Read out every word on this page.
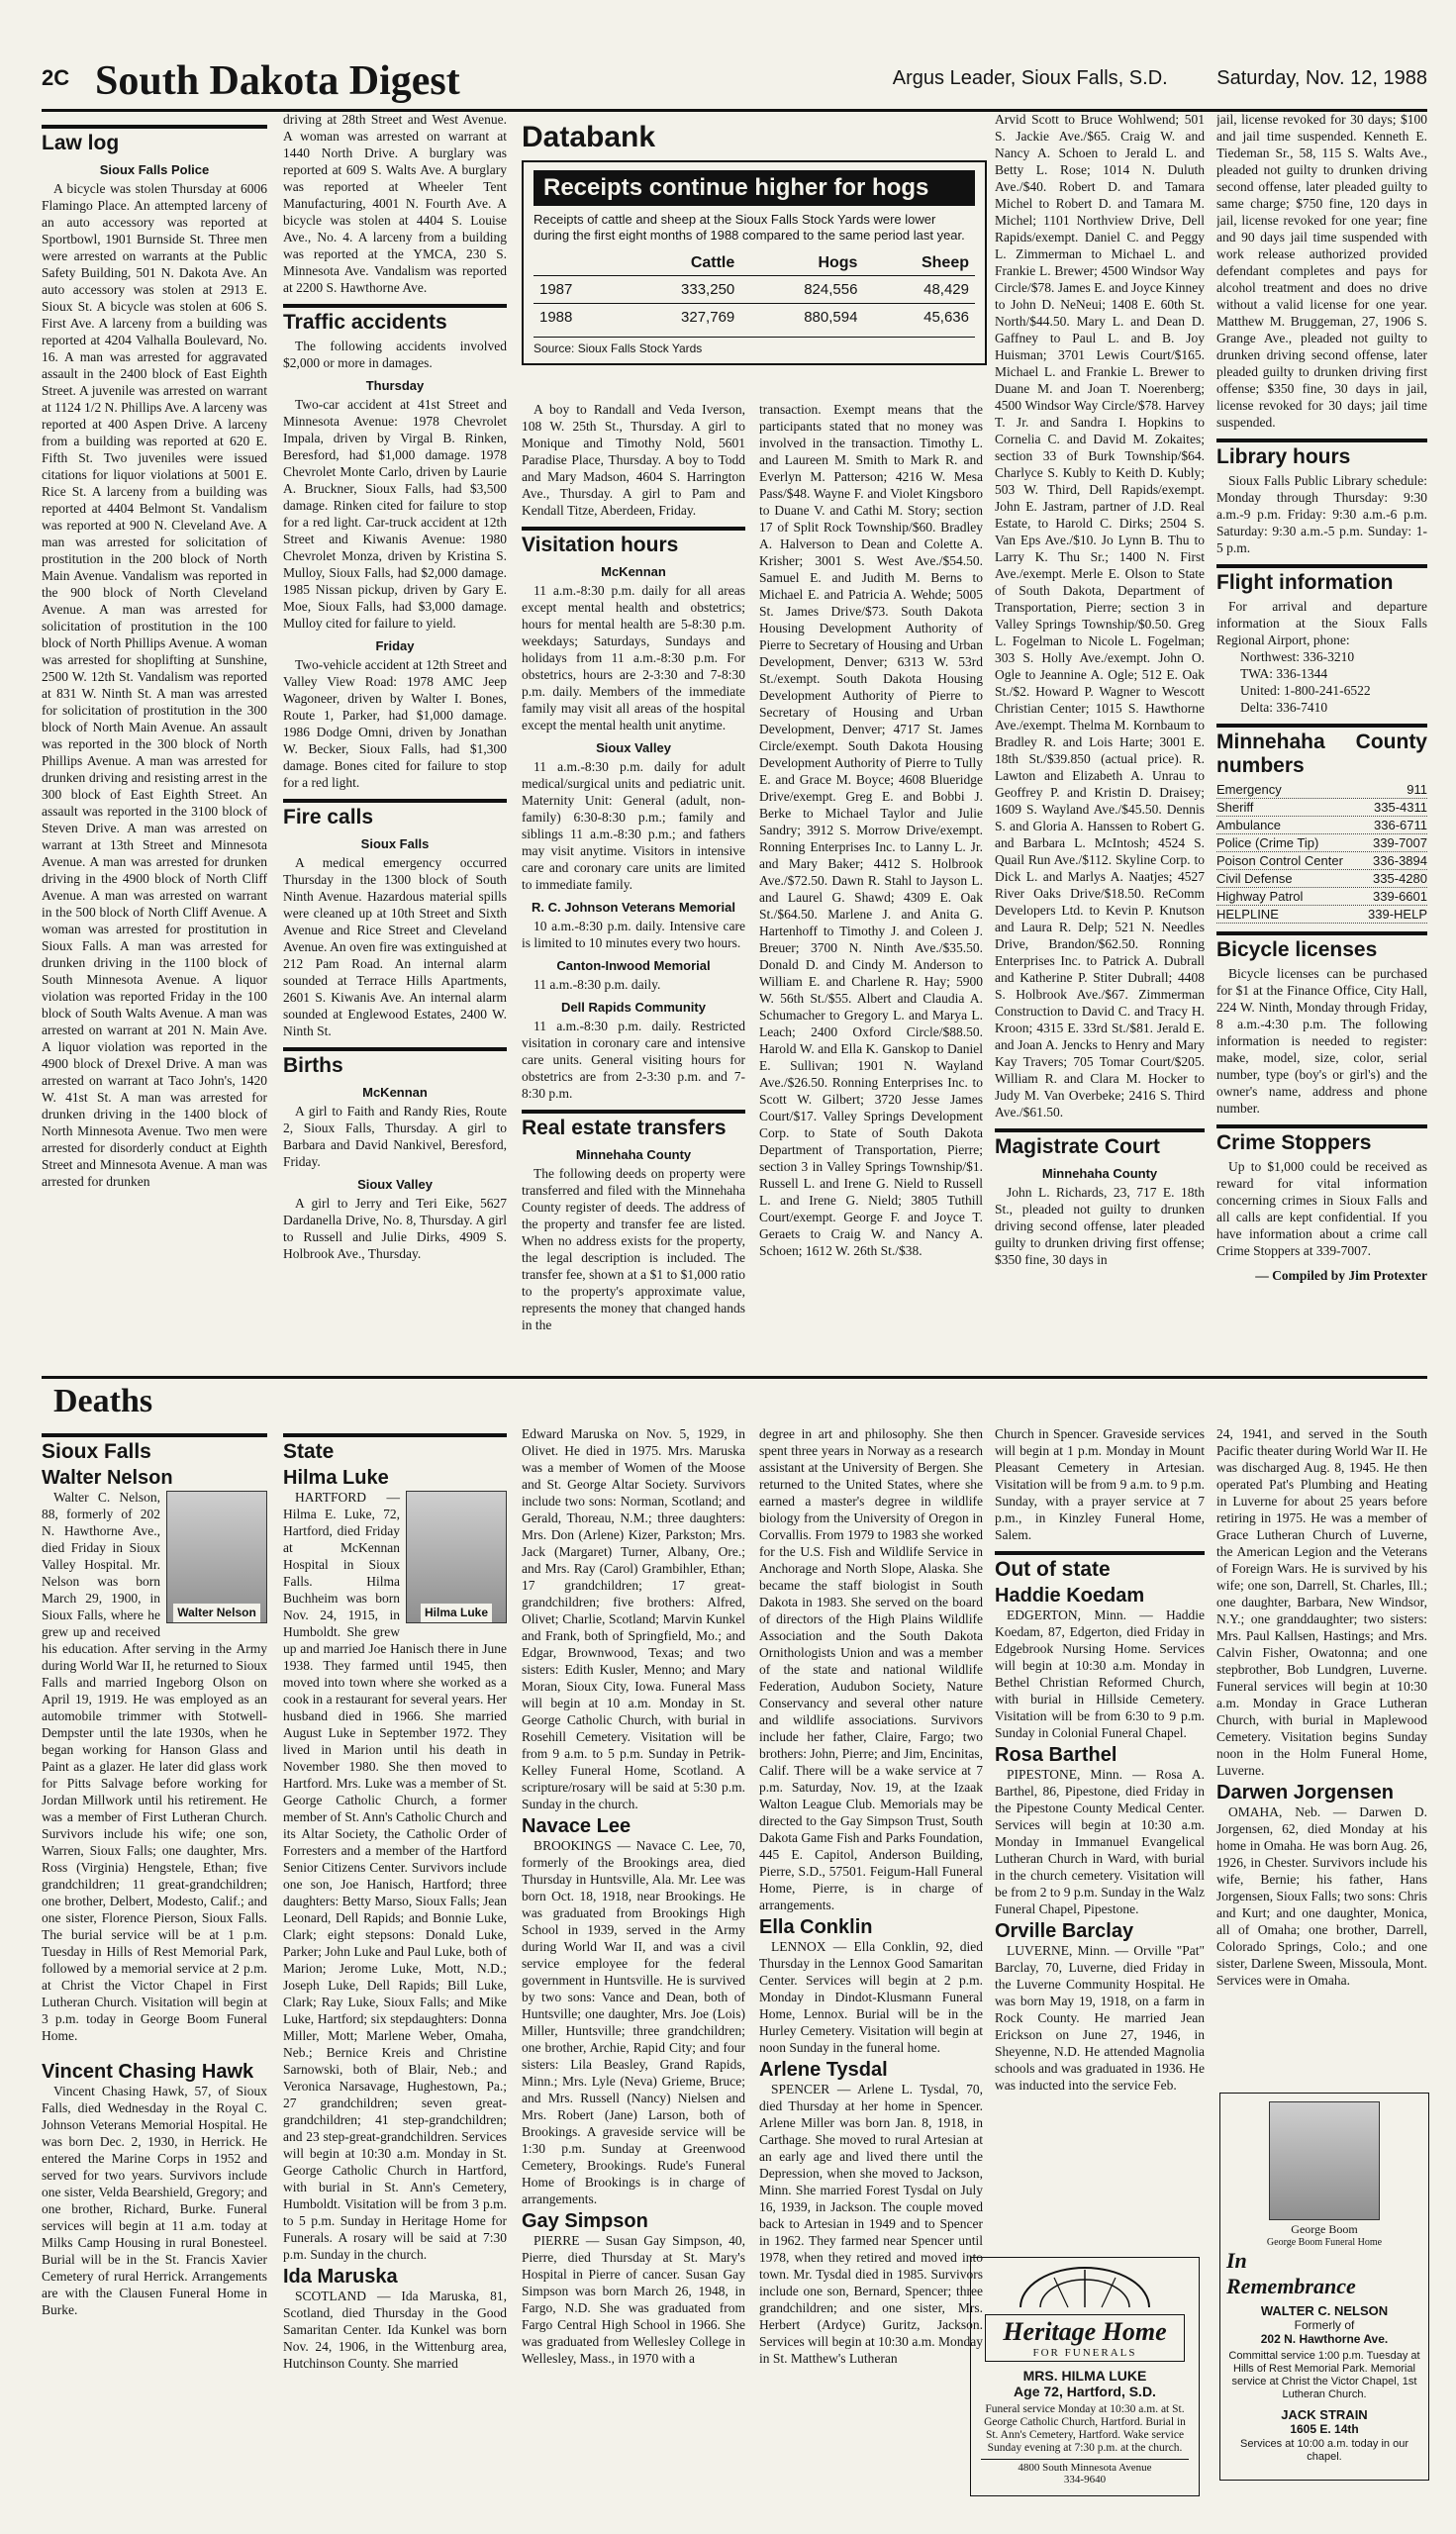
2C South Dakota Digest	Argus Leader, Sioux Falls, S.D. Saturday, Nov. 12, 1988
Law log
Sioux Falls Police

A bicycle was stolen Thursday at 6006 Flamingo Place. An attempted larceny of an auto accessory was reported at Sportbowl, 1901 Burnside St. Three men were arrested on warrants at the Public Safety Building, 501 N. Dakota Ave. An auto accessory was stolen at 2913 E. Sioux St. A bicycle was stolen at 606 S. First Ave. A larceny from a building was reported at 4204 Valhalla Boulevard, No. 16. A man was arrested for aggravated assault in the 2400 block of East Eighth Street. A juvenile was arrested on warrant at 1124 1/2 N. Phillips Ave. A larceny was reported at 400 Aspen Drive. A larceny from a building was reported at 620 E. Fifth St. Two juveniles were issued citations for liquor violations at 5001 E. Rice St. A larceny from a building was reported at 4404 Belmont St. Vandalism was reported at 900 N. Cleveland Ave. A man was arrested for solicitation of prostitution in the 200 block of North Main Avenue. Vandalism was reported in the 900 block of North Cleveland Avenue. A man was arrested for solicitation of prostitution in the 100 block of North Phillips Avenue. A woman was arrested for shoplifting at Sunshine, 2500 W. 12th St. Vandalism was reported at 831 W. Ninth St. A man was arrested for solicitation of prostitution in the 300 block of North Main Avenue. An assault was reported in the 300 block of North Phillips Avenue. A man was arrested for drunken driving and resisting arrest in the 300 block of East Eighth Street. An assault was reported in the 3100 block of Steven Drive. A man was arrested on warrant at 13th Street and Minnesota Avenue. A man was arrested for drunken driving in the 4900 block of North Cliff Avenue. A man was arrested on warrant in the 500 block of North Cliff Avenue. A woman was arrested for prostitution in Sioux Falls. A man was arrested for drunken driving in the 1100 block of South Minnesota Avenue. A liquor violation was reported Friday in the 100 block of South Walts Avenue. A man was arrested on warrant at 201 N. Main Ave. A liquor violation was reported in the 4900 block of Drexel Drive. A man was arrested on warrant at Taco John's, 1420 W. 41st St. A man was arrested for drunken driving in the 1400 block of North Minnesota Avenue. Two men were arrested for disorderly conduct at Eighth Street and Minnesota Avenue. A man was arrested for drunken

driving at 28th Street and West Avenue. A woman was arrested on warrant at 1440 North Drive. A burglary was reported at 609 S. Walts Ave. A burglary was reported at Wheeler Tent Manufacturing, 4001 N. Fourth Ave. A bicycle was stolen at 4404 S. Louise Ave., No. 4. A larceny from a building was reported at the YMCA, 230 S. Minnesota Ave. Vandalism was reported at 2200 S. Hawthorne Ave.

Traffic accidents

The following accidents involved $2,000 or more in damages.

Thursday

Two-car accident at 41st Street and Minnesota Avenue: 1978 Chevrolet Impala, driven by Virgal B. Rinken, Beresford, had $1,000 damage. 1978 Chevrolet Monte Carlo, driven by Laurie A. Bruckner, Sioux Falls, had $3,500 damage. Rinken cited for failure to stop for a red light. Car-truck accident at 12th Street and Kiwanis Avenue: 1980 Chevrolet Monza, driven by Kristina S. Mulloy, Sioux Falls, had $2,000 damage. 1985 Nissan pickup, driven by Gary E. Moe, Sioux Falls, had $3,000 damage. Mulloy cited for failure to yield.

Friday

Two-vehicle accident at 12th Street and Valley View Road: 1978 AMC Jeep Wagoneer, driven by Walter I. Bones, Route 1, Parker, had $1,000 damage. 1986 Dodge Omni, driven by Jonathan W. Becker, Sioux Falls, had $1,300 damage. Bones cited for failure to stop for a red light.

Fire calls
Sioux Falls

A medical emergency occurred Thursday in the 1300 block of South Ninth Avenue. Hazardous material spills were cleaned up at 10th Street and Sixth Avenue and Rice Street and Cleveland Avenue. An oven fire was extinguished at 212 Pam Road. An internal alarm sounded at Terrace Hills Apartments, 2601 S. Kiwanis Ave. An internal alarm sounded at Englewood Estates, 2400 W. Ninth St.

Births
McKennan

A girl to Faith and Randy Ries, Route 2, Sioux Falls, Thursday. A girl to Barbara and David Nankivel, Beresford, Friday.

Sioux Valley

A girl to Jerry and Teri Eike, 5627 Dardanella Drive, No. 8, Thursday. A girl to Russell and Julie Dirks, 4909 S. Holbrook Ave., Thursday.

Databank
Receipts continue higher for hogs
Receipts of cattle and sheep at the Sioux Falls Stock Yards were lower during the first eight months of 1988 compared to the same period last year.
	Cattle	Hogs	Sheep
1987	333,250	824,556	48,429
1988	327,769	880,594	45,636
Source: Sioux Falls Stock Yards

A boy to Randall and Veda Iverson, 108 W. 25th St., Thursday. A girl to Monique and Timothy Nold, 5601 Paradise Place, Thursday. A boy to Todd and Mary Madson, 4604 S. Harrington Ave., Thursday. A girl to Pam and Kendall Titze, Aberdeen, Friday.

Visitation hours
McKennan

11 a.m.-8:30 p.m. daily for all areas except mental health and obstetrics; hours for mental health are 5-8:30 p.m. weekdays; Saturdays, Sundays and holidays from 11 a.m.-8:30 p.m. For obstetrics, hours are 2-3:30 and 7-8:30 p.m. daily. Members of the immediate family may visit all areas of the hospital except the mental health unit anytime.

Sioux Valley

11 a.m.-8:30 p.m. daily for adult medical/surgical units and pediatric unit. Maternity Unit: General (adult, non-family) 6:30-8:30 p.m.; family and siblings 11 a.m.-8:30 p.m.; and fathers may visit anytime. Visitors in intensive care and coronary care units are limited to immediate family.

R. C. Johnson Veterans Memorial

10 a.m.-8:30 p.m. daily. Intensive care is limited to 10 minutes every two hours.

Canton-Inwood Memorial

11 a.m.-8:30 p.m. daily.

Dell Rapids Community

11 a.m.-8:30 p.m. daily. Restricted visitation in coronary care and intensive care units. General visiting hours for obstetrics are from 2-3:30 p.m. and 7-8:30 p.m.

Real estate transfers
Minnehaha County

The following deeds on property were transferred and filed with the Minnehaha County register of deeds. The address of the property and transfer fee are listed. When no address exists for the property, the legal description is included. The transfer fee, shown at a $1 to $1,000 ratio to the property's approximate value, represents the money that changed hands in the

transaction. Exempt means that the participants stated that no money was involved in the transaction. Timothy L. and Laureen M. Smith to Mark R. and Everlyn M. Patterson; 4216 W. Mesa Pass/$48. Wayne F. and Violet Kingsboro to Duane V. and Cathi M. Story; section 17 of Split Rock Township/$60. Bradley A. Halverson to Dean and Colette A. Krisher; 3001 S. West Ave./$54.50. Samuel E. and Judith M. Berns to Michael E. and Patricia A. Wehde; 5005 St. James Drive/$73. South Dakota Housing Development Authority of Pierre to Secretary of Housing and Urban Development, Denver; 6313 W. 53rd St./exempt. South Dakota Housing Development Authority of Pierre to Secretary of Housing and Urban Development, Denver; 4717 St. James Circle/exempt. South Dakota Housing Development Authority of Pierre to Tully E. and Grace M. Boyce; 4608 Blueridge Drive/exempt. Greg E. and Bobbi J. Berke to Michael Taylor and Julie Sandry; 3912 S. Morrow Drive/exempt. Ronning Enterprises Inc. to Lanny L. Jr. and Mary Baker; 4412 S. Holbrook Ave./$72.50. Dawn R. Stahl to Jayson L. and Laurel G. Shawd; 4309 E. Oak St./$64.50. Marlene J. and Anita G. Hartenhoff to Timothy J. and Coleen J. Breuer; 3700 N. Ninth Ave./$35.50. Donald D. and Cindy M. Anderson to William E. and Charlene R. Hay; 5900 W. 56th St./$55. Albert and Claudia A. Schumacher to Gregory L. and Marya L. Leach; 2400 Oxford Circle/$88.50. Harold W. and Ella K. Ganskop to Daniel E. Sullivan; 1901 N. Wayland Ave./$26.50. Ronning Enterprises Inc. to Scott W. Gilbert; 3720 Jesse James Court/$17. Valley Springs Development Corp. to State of South Dakota Department of Transportation, Pierre; section 3 in Valley Springs Township/$1. Russell L. and Irene G. Nield to Russell L. and Irene G. Nield; 3805 Tuthill Court/exempt. George F. and Joyce T. Geraets to Craig W. and Nancy A. Schoen; 1612 W. 26th St./$38.

Arvid Scott to Bruce Wohlwend; 501 S. Jackie Ave./$65. Craig W. and Nancy A. Schoen to Jerald L. and Betty L. Rose; 1014 N. Duluth Ave./$40. Robert D. and Tamara Michel to Robert D. and Tamara M. Michel; 1101 Northview Drive, Dell Rapids/exempt. Daniel C. and Peggy L. Zimmerman to Michael L. and Frankie L. Brewer; 4500 Windsor Way Circle/$78. James E. and Joyce Kinney to John D. NeNeui; 1408 E. 60th St. North/$44.50. Mary L. and Dean D. Gaffney to Paul L. and B. Joy Huisman; 3701 Lewis Court/$165. Michael L. and Frankie L. Brewer to Duane M. and Joan T. Noerenberg; 4500 Windsor Way Circle/$78. Harvey T. Jr. and Sandra I. Hopkins to Cornelia C. and David M. Zokaites; section 33 of Burk Township/$64. Charlyce S. Kubly to Keith D. Kubly; 503 W. Third, Dell Rapids/exempt. John E. Jastram, partner of J.D. Real Estate, to Harold C. Dirks; 2504 S. Van Eps Ave./$10. Jo Lynn B. Thu to Larry K. Thu Sr.; 1400 N. First Ave./exempt. Merle E. Olson to State of South Dakota, Department of Transportation, Pierre; section 3 in Valley Springs Township/$0.50. Greg L. Fogelman to Nicole L. Fogelman; 303 S. Holly Ave./exempt. John O. Ogle to Jeannine A. Ogle; 512 E. Oak St./$2. Howard P. Wagner to Wescott Christian Center; 1015 S. Hawthorne Ave./exempt. Thelma M. Kornbaum to Bradley R. and Lois Harte; 3001 E. 18th St./$39.850 (actual price). R. Lawton and Elizabeth A. Unrau to Geoffrey P. and Kristin D. Draisey; 1609 S. Wayland Ave./$45.50. Dennis S. and Gloria A. Hanssen to Robert G. and Barbara L. McIntosh; 4524 S. Quail Run Ave./$112. Skyline Corp. to Dick L. and Marlys A. Naatjes; 4527 River Oaks Drive/$18.50. ReComm Developers Ltd. to Kevin P. Knutson and Laura R. Delp; 521 N. Needles Drive, Brandon/$62.50. Ronning Enterprises Inc. to Patrick A. Dubrall and Katherine P. Stiter Dubrall; 4408 S. Holbrook Ave./$67. Zimmerman Construction to David C. and Tracy H. Kroon; 4315 E. 33rd St./$81. Jerald E. and Joan A. Jencks to Henry and Mary Kay Travers; 705 Tomar Court/$205. William R. and Clara M. Hocker to Judy M. Van Overbeke; 2416 S. Third Ave./$61.50.

Magistrate Court
Minnehaha County

John L. Richards, 23, 717 E. 18th St., pleaded not guilty to drunken driving second offense, later pleaded guilty to drunken driving first offense; $350 fine, 30 days in

jail, license revoked for 30 days; $100 and jail time suspended. Kenneth E. Tiedeman Sr., 58, 115 S. Walts Ave., pleaded not guilty to drunken driving second offense, later pleaded guilty to same charge; $750 fine, 120 days in jail, license revoked for one year; fine and 90 days jail time suspended with work release authorized provided defendant completes and pays for alcohol treatment and does no drive without a valid license for one year. Matthew M. Bruggeman, 27, 1906 S. Grange Ave., pleaded not guilty to drunken driving second offense, later pleaded guilty to drunken driving first offense; $350 fine, 30 days in jail, license revoked for 30 days; jail time suspended.

Library hours

Sioux Falls Public Library schedule: Monday through Thursday: 9:30 a.m.-9 p.m. Friday: 9:30 a.m.-6 p.m. Saturday: 9:30 a.m.-5 p.m. Sunday: 1-5 p.m.

Flight information

For arrival and departure information at the Sioux Falls Regional Airport, phone:

Northwest: 336-3210
TWA: 336-1344
United: 1-800-241-6522
Delta: 336-7410
Minnehaha County numbers
Emergency	911
Sheriff	335-4311
Ambulance	336-6711
Police (Crime Tip)	339-7007
Poison Control Center 336-3894
Civil Defense	335-4280
Highway Patrol	339-6601
HELPLINE	339-HELP
Bicycle licenses

Bicycle licenses can be purchased for $1 at the Finance Office, City Hall, 224 W. Ninth, Monday through Friday, 8 a.m.-4:30 p.m. The following information is needed to register: make, model, size, color, serial number, type (boy's or girl's) and the owner's name, address and phone number.

Crime Stoppers

Up to $1,000 could be received as reward for vital information concerning crimes in Sioux Falls and all calls are kept confidential. If you have information about a crime call Crime Stoppers at 339-7007.

— Compiled by Jim Protexter
Deaths
Sioux Falls
Walter Nelson
Walter Nelson

Walter C. Nelson, 88, formerly of 202 N. Hawthorne Ave., died Friday in Sioux Valley Hospital. Mr. Nelson was born March 29, 1900, in Sioux Falls, where he grew up and received his education. After serving in the Army during World War II, he returned to Sioux Falls and married Ingeborg Olson on April 19, 1919. He was employed as an automobile trimmer with Stotwell-Dempster until the late 1930s, when he began working for Hanson Glass and Paint as a glazer. He later did glass work for Pitts Salvage before working for Jordan Millwork until his retirement. He was a member of First Lutheran Church. Survivors include his wife; one son, Warren, Sioux Falls; one daughter, Mrs. Ross (Virginia) Hengstele, Ethan; five grandchildren; 11 great-grandchildren; one brother, Delbert, Modesto, Calif.; and one sister, Florence Pierson, Sioux Falls. The burial service will be at 1 p.m. Tuesday in Hills of Rest Memorial Park, followed by a memorial service at 2 p.m. at Christ the Victor Chapel in First Lutheran Church. Visitation will begin at 3 p.m. today in George Boom Funeral Home.

Vincent Chasing Hawk

Vincent Chasing Hawk, 57, of Sioux Falls, died Wednesday in the Royal C. Johnson Veterans Memorial Hospital. He was born Dec. 2, 1930, in Herrick. He entered the Marine Corps in 1952 and served for two years. Survivors include one sister, Velda Bearshield, Gregory; and one brother, Richard, Burke. Funeral services will begin at 11 a.m. today at Milks Camp Housing in rural Bonesteel. Burial will be in the St. Francis Xavier Cemetery of rural Herrick. Arrangements are with the Clausen Funeral Home in Burke.

State
Hilma Luke
Hilma Luke

HARTFORD — Hilma E. Luke, 72, Hartford, died Friday at McKennan Hospital in Sioux Falls. Hilma Buchheim was born Nov. 24, 1915, in Humboldt. She grew up and married Joe Hanisch there in June 1938. They farmed until 1945, then moved into town where she worked as a cook in a restaurant for several years. Her husband died in 1966. She married August Luke in September 1972. They lived in Marion until his death in November 1980. She then moved to Hartford. Mrs. Luke was a member of St. George Catholic Church, a former member of St. Ann's Catholic Church and its Altar Society, the Catholic Order of Forresters and a member of the Hartford Senior Citizens Center. Survivors include one son, Joe Hanisch, Hartford; three daughters: Betty Marso, Sioux Falls; Jean Leonard, Dell Rapids; and Bonnie Luke, Clark; eight stepsons: Donald Luke, Parker; John Luke and Paul Luke, both of Marion; Jerome Luke, Mott, N.D.; Joseph Luke, Dell Rapids; Bill Luke, Clark; Ray Luke, Sioux Falls; and Mike Luke, Hartford; six stepdaughters: Donna Miller, Mott; Marlene Weber, Omaha, Neb.; Bernice Kreis and Christine Sarnowski, both of Blair, Neb.; and Veronica Narsavage, Hughestown, Pa.; 27 grandchildren; seven great-grandchildren; 41 step-grandchildren; and 23 step-great-grandchildren. Services will begin at 10:30 a.m. Monday in St. George Catholic Church in Hartford, with burial in St. Ann's Cemetery, Humboldt. Visitation will be from 3 p.m. to 5 p.m. Sunday in Heritage Home for Funerals. A rosary will be said at 7:30 p.m. Sunday in the church.

Ida Maruska

SCOTLAND — Ida Maruska, 81, Scotland, died Thursday in the Good Samaritan Center. Ida Kunkel was born Nov. 24, 1906, in the Wittenburg area, Hutchinson County. She married

Edward Maruska on Nov. 5, 1929, in Olivet. He died in 1975. Mrs. Maruska was a member of Women of the Moose and St. George Altar Society. Survivors include two sons: Norman, Scotland; and Gerald, Thoreau, N.M.; three daughters: Mrs. Don (Arlene) Kizer, Parkston; Mrs. Jack (Margaret) Turner, Albany, Ore.; and Mrs. Ray (Carol) Grambihler, Ethan; 17 grandchildren; 17 great-grandchildren; five brothers: Alfred, Olivet; Charlie, Scotland; Marvin Kunkel and Frank, both of Springfield, Mo.; and Edgar, Brownwood, Texas; and two sisters: Edith Kusler, Menno; and Mary Moran, Sioux City, Iowa. Funeral Mass will begin at 10 a.m. Monday in St. George Catholic Church, with burial in Rosehill Cemetery. Visitation will be from 9 a.m. to 5 p.m. Sunday in Petrik-Kelley Funeral Home, Scotland. A scripture/rosary will be said at 5:30 p.m. Sunday in the church.

Navace Lee

BROOKINGS — Navace C. Lee, 70, formerly of the Brookings area, died Thursday in Huntsville, Ala. Mr. Lee was born Oct. 18, 1918, near Brookings. He was graduated from Brookings High School in 1939, served in the Army during World War II, and was a civil service employee for the federal government in Huntsville. He is survived by two sons: Vance and Dean, both of Huntsville; one daughter, Mrs. Joe (Lois) Miller, Huntsville; three grandchildren; one brother, Archie, Rapid City; and four sisters: Lila Beasley, Grand Rapids, Minn.; Mrs. Lyle (Neva) Grieme, Bruce; and Mrs. Russell (Nancy) Nielsen and Mrs. Robert (Jane) Larson, both of Brookings. A graveside service will be 1:30 p.m. Sunday at Greenwood Cemetery, Brookings. Rude's Funeral Home of Brookings is in charge of arrangements.

Gay Simpson

PIERRE — Susan Gay Simpson, 40, Pierre, died Thursday at St. Mary's Hospital in Pierre of cancer. Susan Gay Simpson was born March 26, 1948, in Fargo, N.D. She was graduated from Fargo Central High School in 1966. She was graduated from Wellesley College in Wellesley, Mass., in 1970 with a

degree in art and philosophy. She then spent three years in Norway as a research assistant at the University of Bergen. She returned to the United States, where she earned a master's degree in wildlife biology from the University of Oregon in Corvallis. From 1979 to 1983 she worked for the U.S. Fish and Wildlife Service in Anchorage and North Slope, Alaska. She became the staff biologist in South Dakota in 1983. She served on the board of directors of the High Plains Wildlife Association and the South Dakota Ornithologists Union and was a member of the state and national Wildlife Federation, Audubon Society, Nature Conservancy and several other nature and wildlife associations. Survivors include her father, Claire, Fargo; two brothers: John, Pierre; and Jim, Encinitas, Calif. There will be a wake service at 7 p.m. Saturday, Nov. 19, at the Izaak Walton League Club. Memorials may be directed to the Gay Simpson Trust, South Dakota Game Fish and Parks Foundation, 445 E. Capitol, Anderson Building, Pierre, S.D., 57501. Feigum-Hall Funeral Home, Pierre, is in charge of arrangements.

Ella Conklin

LENNOX — Ella Conklin, 92, died Thursday in the Lennox Good Samaritan Center. Services will begin at 2 p.m. Monday in Dindot-Klusmann Funeral Home, Lennox. Burial will be in the Hurley Cemetery. Visitation will begin at noon Sunday in the funeral home.

Arlene Tysdal

SPENCER — Arlene L. Tysdal, 70, died Thursday at her home in Spencer. Arlene Miller was born Jan. 8, 1918, in Carthage. She moved to rural Artesian at an early age and lived there until the Depression, when she moved to Jackson, Minn. She married Forest Tysdal on July 16, 1939, in Jackson. The couple moved back to Artesian in 1949 and to Spencer in 1962. They farmed near Spencer until 1978, when they retired and moved into town. Mr. Tysdal died in 1985. Survivors include one son, Bernard, Spencer; three grandchildren; and one sister, Mrs. Herbert (Ardyce) Guritz, Jackson. Services will begin at 10:30 a.m. Monday in St. Matthew's Lutheran

Church in Spencer. Graveside services will begin at 1 p.m. Monday in Mount Pleasant Cemetery in Artesian. Visitation will be from 9 a.m. to 9 p.m. Sunday, with a prayer service at 7 p.m., in Kinzley Funeral Home, Salem.

Out of state
Haddie Koedam

EDGERTON, Minn. — Haddie Koedam, 87, Edgerton, died Friday in Edgebrook Nursing Home. Services will begin at 10:30 a.m. Monday in Bethel Christian Reformed Church, with burial in Hillside Cemetery. Visitation will be from 6:30 to 9 p.m. Sunday in Colonial Funeral Chapel.

Rosa Barthel

PIPESTONE, Minn. — Rosa A. Barthel, 86, Pipestone, died Friday in the Pipestone County Medical Center. Services will begin at 10:30 a.m. Monday in Immanuel Evangelical Lutheran Church in Ward, with burial in the church cemetery. Visitation will be from 2 to 9 p.m. Sunday in the Walz Funeral Chapel, Pipestone.

Orville Barclay

LUVERNE, Minn. — Orville "Pat" Barclay, 70, Luverne, died Friday in the Luverne Community Hospital. He was born May 19, 1918, on a farm in Rock County. He married Jean Erickson on June 27, 1946, in Sheyenne, N.D. He attended Magnolia schools and was graduated in 1936. He was inducted into the service Feb.

24, 1941, and served in the South Pacific theater during World War II. He was discharged Aug. 8, 1945. He then operated Pat's Plumbing and Heating in Luverne for about 25 years before retiring in 1975. He was a member of Grace Lutheran Church of Luverne, the American Legion and the Veterans of Foreign Wars. He is survived by his wife; one son, Darrell, St. Charles, Ill.; one daughter, Barbara, New Windsor, N.Y.; one granddaughter; two sisters: Mrs. Paul Kallsen, Hastings; and Mrs. Calvin Fisher, Owatonna; and one stepbrother, Bob Lundgren, Luverne. Funeral services will begin at 10:30 a.m. Monday in Grace Lutheran Church, with burial in Maplewood Cemetery. Visitation begins Sunday noon in the Holm Funeral Home, Luverne.

Darwen Jorgensen

OMAHA, Neb. — Darwen D. Jorgensen, 62, died Monday at his home in Omaha. He was born Aug. 26, 1926, in Chester. Survivors include his wife, Bernie; his father, Hans Jorgensen, Sioux Falls; two sons: Chris and Kurt; and one daughter, Monica, all of Omaha; one brother, Darrell, Colorado Springs, Colo.; and one sister, Darlene Sween, Missoula, Mont. Services were in Omaha.

Heritage Home
FOR FUNERALS
MRS. HILMA LUKE
Age 72, Hartford, S.D.
Funeral service Monday at 10:30 a.m. at St. George Catholic Church, Hartford. Burial in St. Ann's Cemetery, Hartford. Wake service Sunday evening at 7:30 p.m. at the church.
4800 South Minnesota Avenue
334-9640
George Boom
George Boom Funeral Home
In
Remembrance
WALTER C. NELSON
Formerly of
202 N. Hawthorne Ave.
Committal service 1:00 p.m. Tuesday at Hills of Rest Memorial Park. Memorial service at Christ the Victor Chapel, 1st Lutheran Church.
JACK STRAIN
1605 E. 14th
Services at 10:00 a.m. today in our chapel.
